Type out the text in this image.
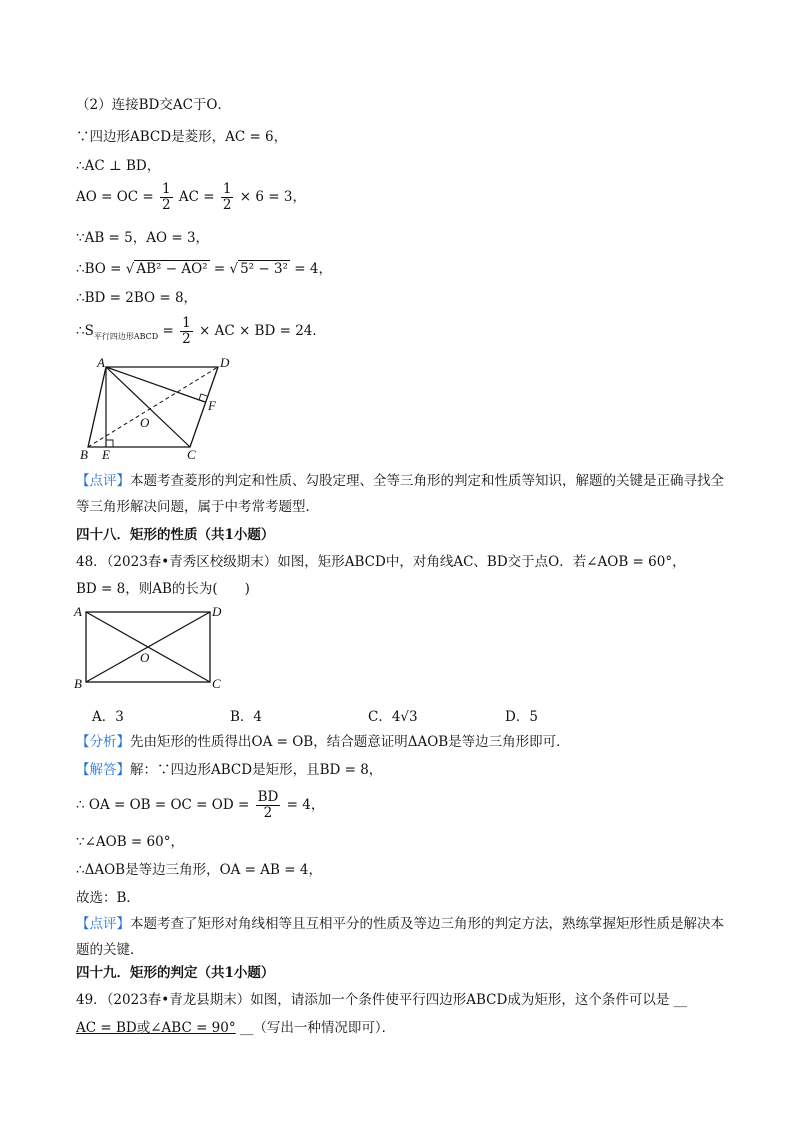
（2）连接BD交AC于O．
∵四边形ABCD是菱形，AC = 6，
∴AC ⊥ BD，
AO = OC = $\frac{1}{2}$ AC = $\frac{1}{2} \times 6 = 3$，
∵AB = 5，AO = 3，
∴BO = √ AB² − AO² = √ 5² − 3² = 4，
∴BD = 2BO = 8，
$\therefore S_{平行四边形ABCD} = \frac{1}{2}$ × AC × BD = 24．
A	D
F
O
B E	C
【点评】本题考查菱形的判定和性质、勾股定理、全等三角形的判定和性质等知识，解题的关键是正确寻找全等三角形解决问题，属于中考常考题型．
四十八．矩形的性质（共1小题）
48．（2023春•青秀区校级期末）如图，矩形ABCD中，对角线AC、BD交于点O．若∠AOB = 60°，
BD = 8，则AB的长为(　　)
A	D
O
B	C
A．3	B．4	C．4√3	D．5
【分析】先由矩形的性质得出OA = OB，结合题意证明ΔAOB是等边三角形即可．
【解答】解：∵四边形ABCD是矩形，且BD = 8，
∴ OA = OB = OC = OD = $\frac{BD}{2} = 4$，
∵∠AOB = 60°，
∴ΔAOB是等边三角形，OA = AB = 4，
故选：B．
【点评】本题考查了矩形对角线相等且互相平分的性质及等边三角形的判定方法，熟练掌握矩形性质是解决本题的关键．
四十九．矩形的判定（共1小题）
49．（2023春•青龙县期末）如图，请添加一个条件使平行四边形ABCD成为矩形，这个条件可以是 __
AC = BD或∠ABC = 90° __（写出一种情况即可）．
